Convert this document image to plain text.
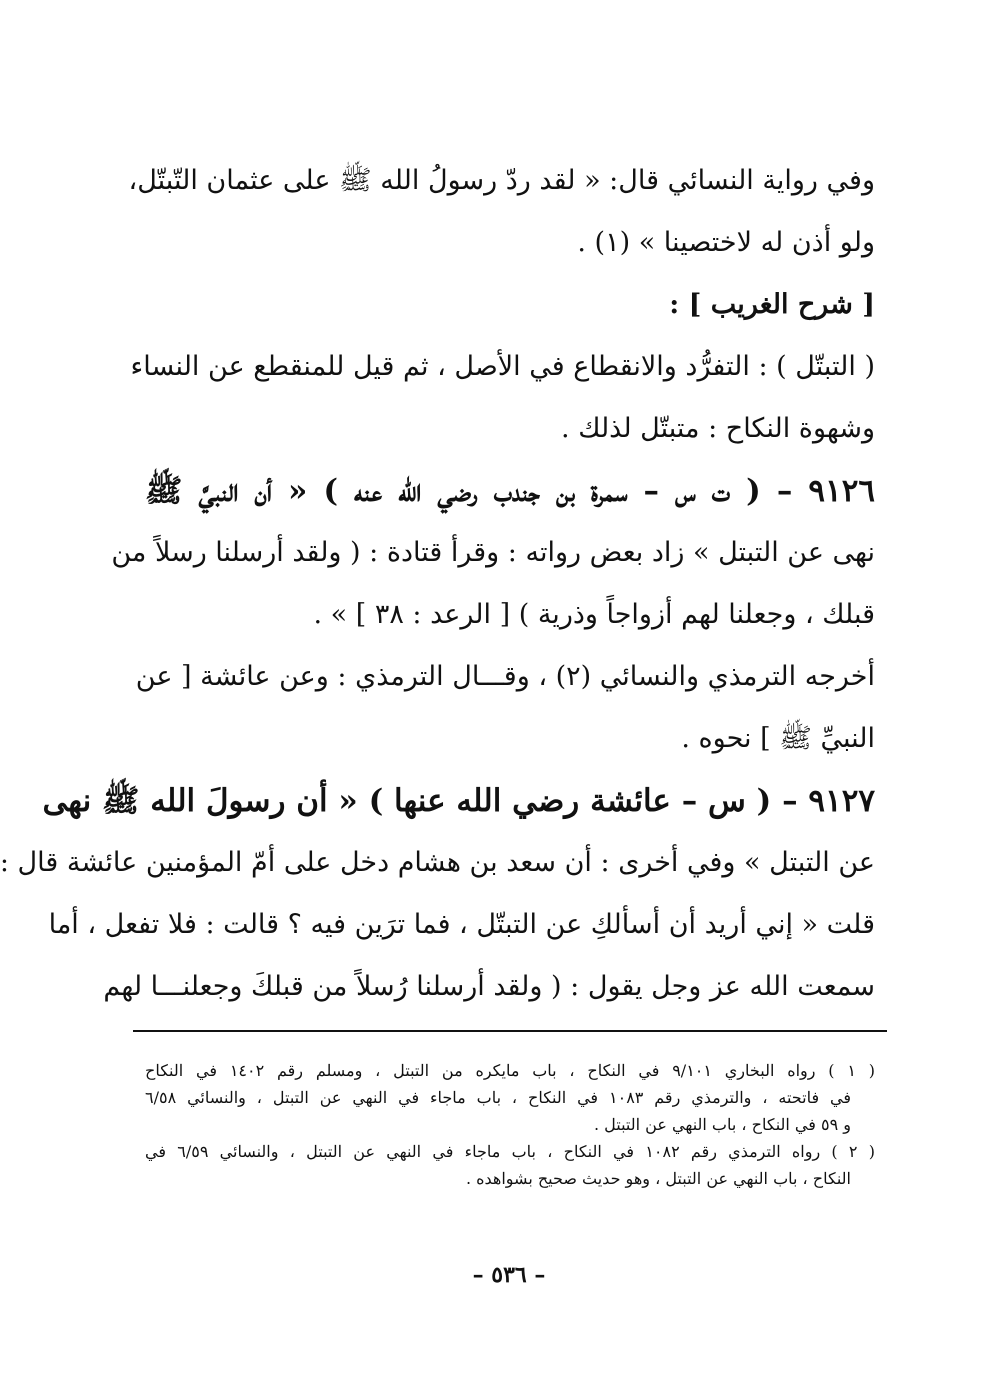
وفي رواية النسائي قال: « لقد ردّ رسولُ الله ﷺ على عثمان التّبتّل،
ولو أذن له لاختصينا » (١) .
[ شرح الغريب ] :
( التبتّل ) : التفرُّد والانقطاع في الأصل ، ثم قيل للمنقطع عن النساء
وشهوة النكاح : متبتّل لذلك .
٩١٢٦ – ( ت س – سمرة بن جندب رضي الله عنه ) « أن النبيَّ ﷺ
نهى عن التبتل » زاد بعض رواته : وقرأ قتادة : ( ولقد أرسلنا رسلاً من
قبلك ، وجعلنا لهم أزواجاً وذرية ) [ الرعد : ٣٨ ] » .
أخرجه الترمذي والنسائي (٢) ، وقـــال الترمذي : وعن عائشة [ عن
النبيِّ ﷺ ] نحوه .
٩١٢٧ – ( س – عائشة رضي الله عنها ) « أن رسولَ الله ﷺ نهى
عن التبتل » وفي أخرى : أن سعد بن هشام دخل على أمّ المؤمنين عائشة قال :
قلت « إني أريد أن أسألكِ عن التبتّل ، فما ترَين فيه ؟ قالت : فلا تفعل ، أما
سمعت الله عز وجل يقول : ( ولقد أرسلنا رُسلاً من قبلكَ وجعلنـــا لهم
( ١ ) رواه البخاري ٩/١٠١ في النكاح ، باب مايكره من التبتل ، ومسلم رقم ١٤٠٢ في النكاح
في فاتحته ، والترمذي رقم ١٠٨٣ في النكاح ، باب ماجاء في النهي عن التبتل ، والنسائي ٦/٥٨
و ٥٩ في النكاح ، باب النهي عن التبتل .
( ٢ ) رواه الترمذي رقم ١٠٨٢ في النكاح ، باب ماجاء في النهي عن التبتل ، والنسائي ٦/٥٩ في
النكاح ، باب النهي عن التبتل ، وهو حديث صحيح بشواهده .
– ٥٣٦ –
